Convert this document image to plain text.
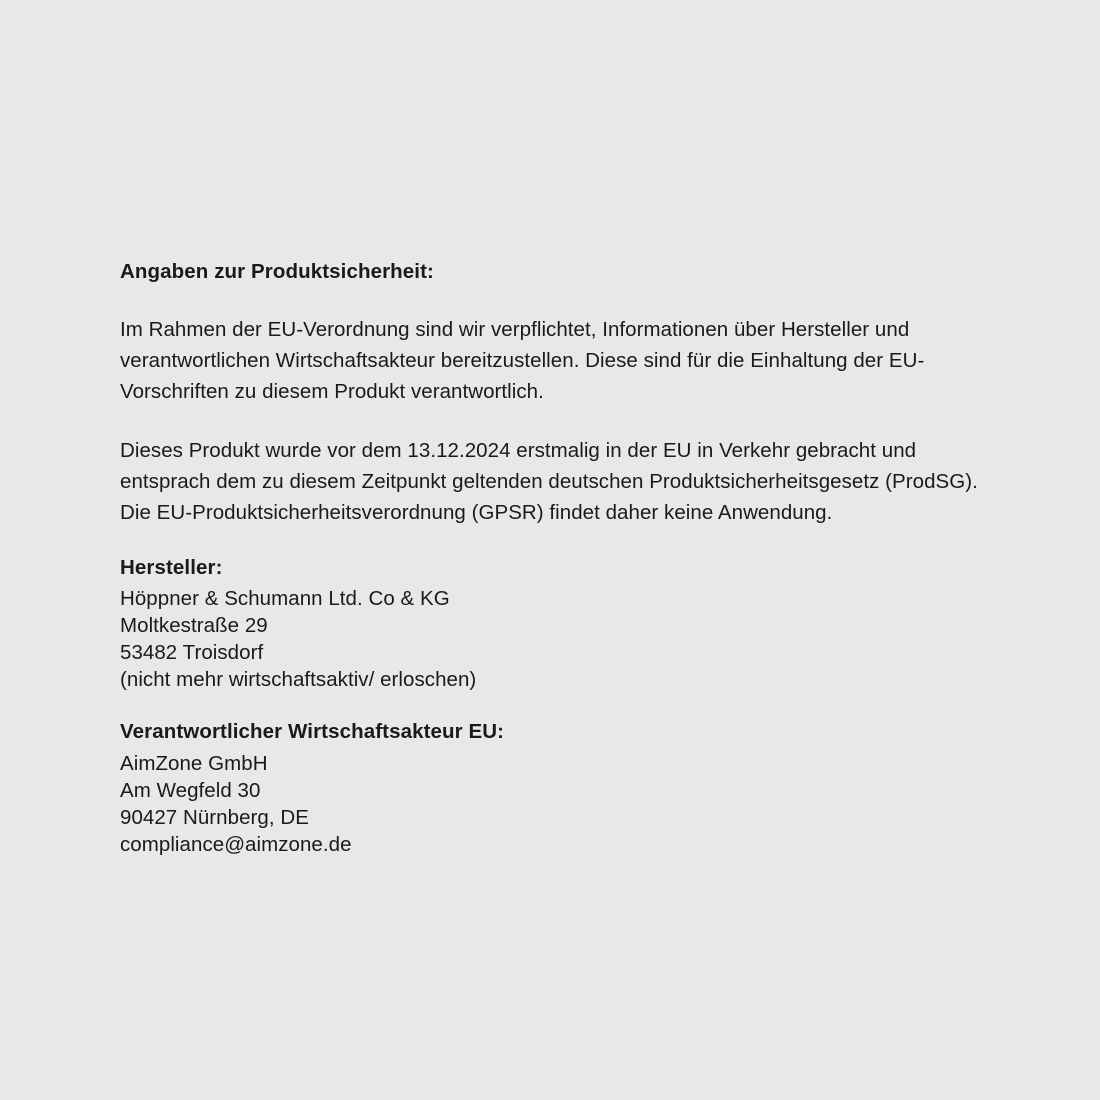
Angaben zur Produktsicherheit:

Im Rahmen der EU-Verordnung sind wir verpflichtet, Informationen über Hersteller und verantwortlichen Wirtschaftsakteur bereitzustellen. Diese sind für die Einhaltung der EU-Vorschriften zu diesem Produkt verantwortlich.

Dieses Produkt wurde vor dem 13.12.2024 erstmalig in der EU in Verkehr gebracht und entsprach dem zu diesem Zeitpunkt geltenden deutschen Produktsicherheitsgesetz (ProdSG). Die EU-Produktsicherheitsverordnung (GPSR) findet daher keine Anwendung.

Hersteller:

Höppner & Schumann Ltd. Co & KG
Moltkestraße 29
53482 Troisdorf
(nicht mehr wirtschaftsaktiv/ erloschen)

Verantwortlicher Wirtschaftsakteur EU:

AimZone GmbH
Am Wegfeld 30
90427 Nürnberg, DE
compliance@aimzone.de
